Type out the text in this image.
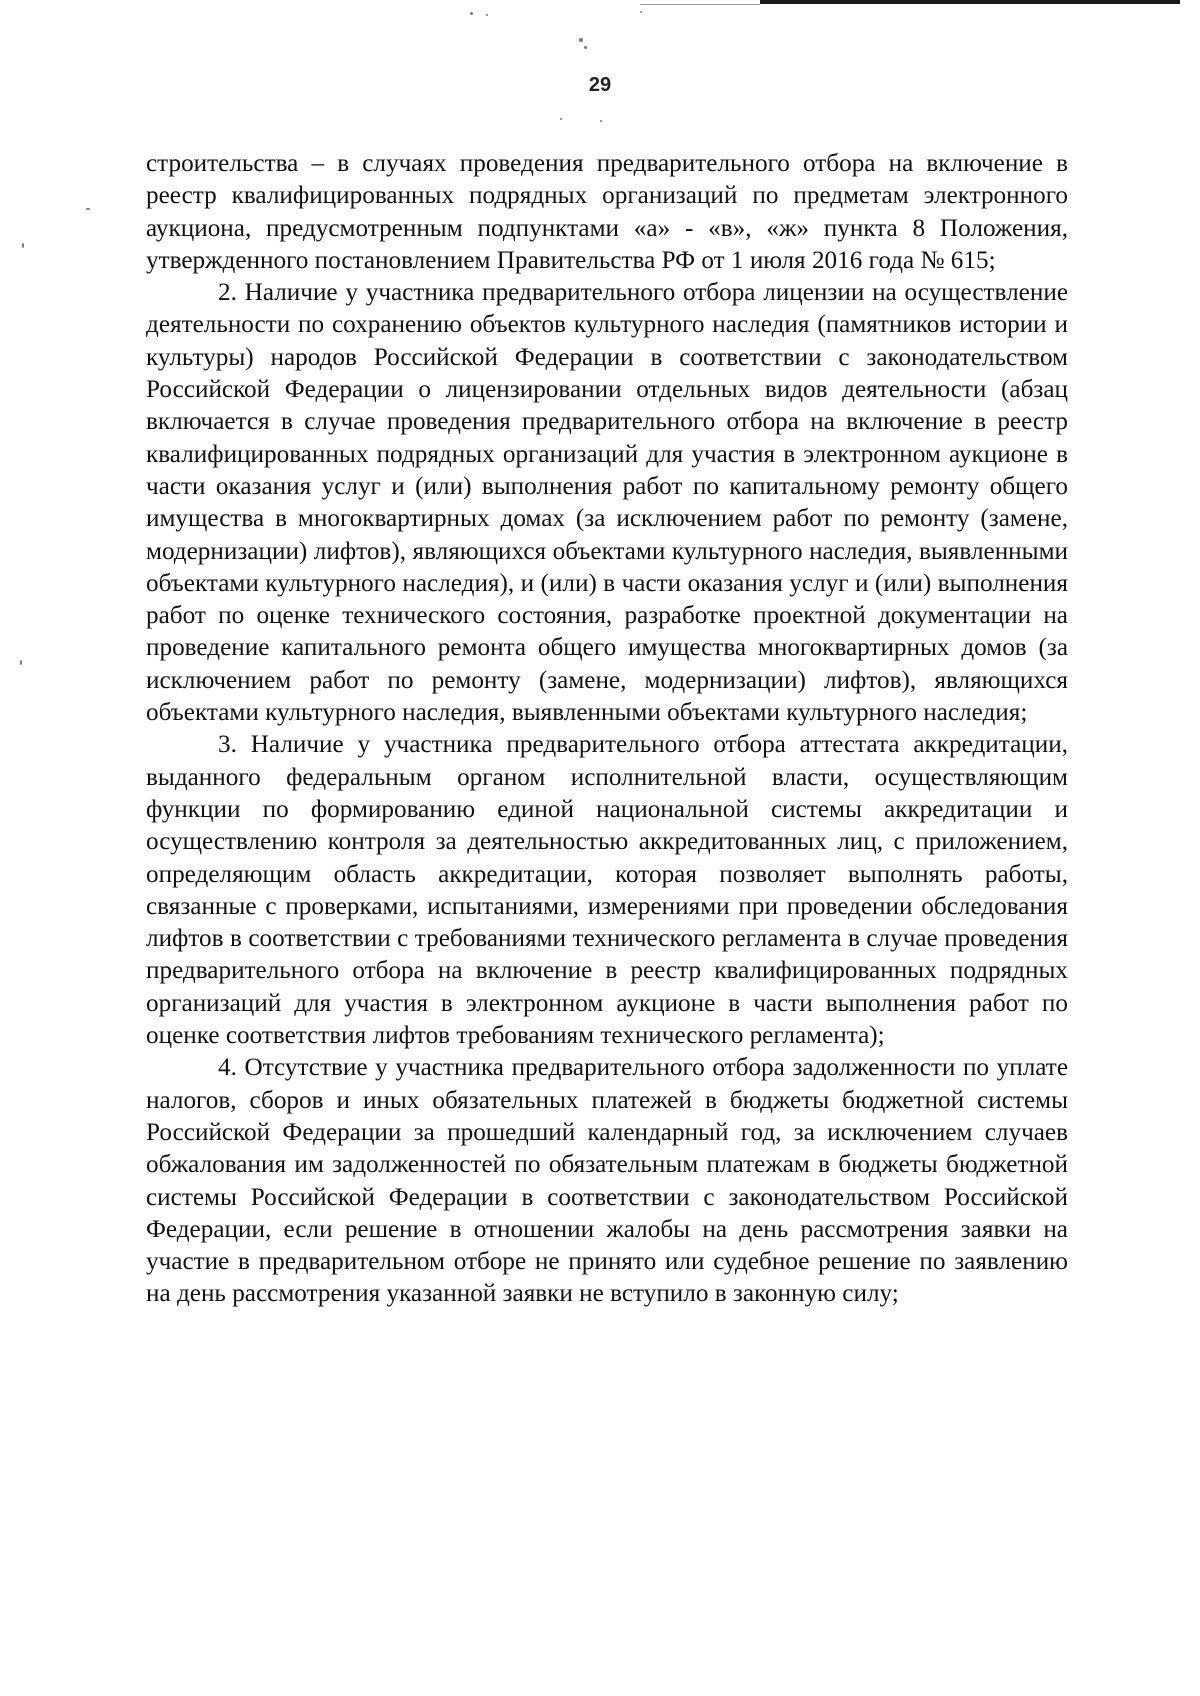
29

строительства – в случаях проведения предварительного отбора на включение в реестр квалифицированных подрядных организаций по предметам электронного аукциона, предусмотренным подпунктами «а» - «в», «ж» пункта 8 Положения, утвержденного постановлением Правительства РФ от 1 июля 2016 года № 615;

2. Наличие у участника предварительного отбора лицензии на осуществление деятельности по сохранению объектов культурного наследия (памятников истории и культуры) народов Российской Федерации в соответствии с законодательством Российской Федерации о лицензировании отдельных видов деятельности (абзац включается в случае проведения предварительного отбора на включение в реестр квалифицированных подрядных организаций для участия в электронном аукционе в части оказания услуг и (или) выполнения работ по капитальному ремонту общего имущества в многоквартирных домах (за исключением работ по ремонту (замене, модернизации) лифтов), являющихся объектами культурного наследия, выявленными объектами культурного наследия), и (или) в части оказания услуг и (или) выполнения работ по оценке технического состояния, разработке проектной документации на проведение капитального ремонта общего имущества многоквартирных домов (за исключением работ по ремонту (замене, модернизации) лифтов), являющихся объектами культурного наследия, выявленными объектами культурного наследия;

3. Наличие у участника предварительного отбора аттестата аккредитации, выданного федеральным органом исполнительной власти, осуществляющим функции по формированию единой национальной системы аккредитации и осуществлению контроля за деятельностью аккредитованных лиц, с приложением, определяющим область аккредитации, которая позволяет выполнять работы, связанные с проверками, испытаниями, измерениями при проведении обследования лифтов в соответствии с требованиями технического регламента в случае проведения предварительного отбора на включение в реестр квалифицированных подрядных организаций для участия в электронном аукционе в части выполнения работ по оценке соответствия лифтов требованиям технического регламента);

4. Отсутствие у участника предварительного отбора задолженности по уплате налогов, сборов и иных обязательных платежей в бюджеты бюджетной системы Российской Федерации за прошедший календарный год, за исключением случаев обжалования им задолженностей по обязательным платежам в бюджеты бюджетной системы Российской Федерации в соответствии с законодательством Российской Федерации, если решение в отношении жалобы на день рассмотрения заявки на участие в предварительном отборе не принято или судебное решение по заявлению на день рассмотрения указанной заявки не вступило в законную силу;
